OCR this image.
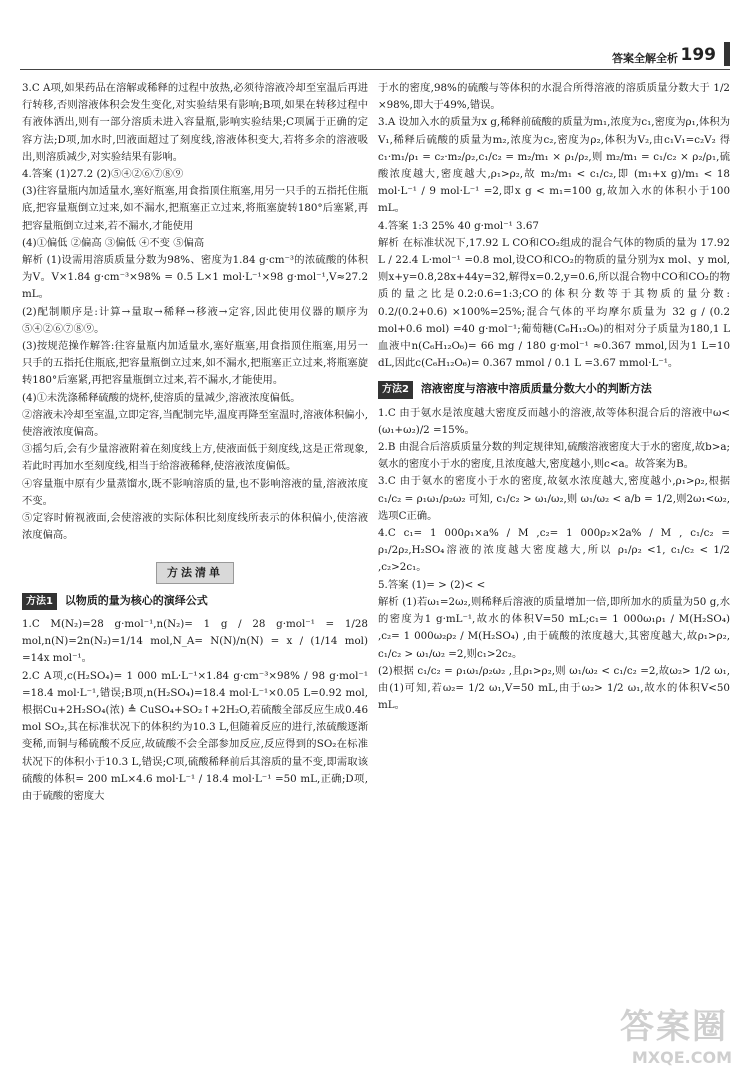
答案全解全析 199

3.C A项,如果药品在溶解或稀释的过程中放热,必须待溶液冷却至室温后再进行转移,否则溶液体积会发生变化,对实验结果有影响;B项,如果在转移过程中有液体洒出,则有一部分溶质未进入容量瓶,影响实验结果;C项属于正确的定容方法;D项,加水时,凹液面超过了刻度线,溶液体积变大,若将多余的溶液吸出,则溶质减少,对实验结果有影响。

4.答案 (1)27.2 (2)⑤④②⑥⑦⑧⑨

(3)往容量瓶内加适量水,塞好瓶塞,用食指顶住瓶塞,用另一只手的五指托住瓶底,把容量瓶倒立过来,如不漏水,把瓶塞正立过来,将瓶塞旋转180°后塞紧,再把容量瓶倒立过来,若不漏水,才能使用

(4)①偏低 ②偏高 ③偏低 ④不变 ⑤偏高

解析 (1)设需用溶质质量分数为98%、密度为1.84 g·cm⁻³的浓硫酸的体积为V。V×1.84 g·cm⁻³×98% = 0.5 L×1 mol·L⁻¹×98 g·mol⁻¹,V≈27.2 mL。

(2)配制顺序是:计算→量取→稀释→移液→定容,因此使用仪器的顺序为⑤④②⑥⑦⑧⑨。

(3)按规范操作解答:往容量瓶内加适量水,塞好瓶塞,用食指顶住瓶塞,用另一只手的五指托住瓶底,把容量瓶倒立过来,如不漏水,把瓶塞正立过来,将瓶塞旋转180°后塞紧,再把容量瓶倒立过来,若不漏水,才能使用。

(4)①未洗涤稀释硫酸的烧杯,使溶质的量减少,溶液浓度偏低。

②溶液未冷却至室温,立即定容,当配制完毕,温度再降至室温时,溶液体积偏小,使溶液浓度偏高。

③摇匀后,会有少量溶液附着在刻度线上方,使液面低于刻度线,这是正常现象,若此时再加水至刻度线,相当于给溶液稀释,使溶液浓度偏低。

④容量瓶中原有少量蒸馏水,既不影响溶质的量,也不影响溶液的量,溶液浓度不变。

⑤定容时俯视液面,会使溶液的实际体积比刻度线所表示的体积偏小,使溶液浓度偏高。

方法清单
方法1 以物质的量为核心的演绎公式

1.C M(N₂)=28 g·mol⁻¹,n(N₂)= 1 g / 28 g·mol⁻¹ = 1/28 mol,n(N)=2n(N₂)=1/14 mol,N_A= N(N)/n(N) = x / (1/14 mol) =14x mol⁻¹。

2.C A项,c(H₂SO₄)= 1 000 mL·L⁻¹×1.84 g·cm⁻³×98% / 98 g·mol⁻¹ =18.4 mol·L⁻¹,错误;B项,n(H₂SO₄)=18.4 mol·L⁻¹×0.05 L=0.92 mol,根据Cu+2H₂SO₄(浓) ≜ CuSO₄+SO₂↑+2H₂O,若硫酸全部反应生成0.46 mol SO₂,其在标准状况下的体积约为10.3 L,但随着反应的进行,浓硫酸逐渐变稀,而铜与稀硫酸不反应,故硫酸不会全部参加反应,反应得到的SO₂在标准状况下的体积小于10.3 L,错误;C项,硫酸稀释前后其溶质的量不变,即需取该硫酸的体积= 200 mL×4.6 mol·L⁻¹ / 18.4 mol·L⁻¹ =50 mL,正确;D项,由于硫酸的密度大

于水的密度,98%的硫酸与等体积的水混合所得溶液的溶质质量分数大于 1/2 ×98%,即大于49%,错误。

3.A 设加入水的质量为x g,稀释前硫酸的质量为m₁,浓度为c₁,密度为ρ₁,体积为V₁,稀释后硫酸的质量为m₂,浓度为c₂,密度为ρ₂,体积为V₂,由c₁V₁=c₂V₂ 得 c₁·m₁/ρ₁ = c₂·m₂/ρ₂,c₁/c₂ = m₂/m₁ × ρ₁/ρ₂,则 m₂/m₁ = c₁/c₂ × ρ₂/ρ₁,硫酸浓度越大,密度越大,ρ₁>ρ₂,故 m₂/m₁ < c₁/c₂,即 (m₁+x g)/m₁ < 18 mol·L⁻¹ / 9 mol·L⁻¹ =2,即x g < m₁=100 g,故加入水的体积小于100 mL。

4.答案 1:3 25% 40 g·mol⁻¹ 3.67

解析 在标准状况下,17.92 L CO和CO₂组成的混合气体的物质的量为 17.92 L / 22.4 L·mol⁻¹ =0.8 mol,设CO和CO₂的物质的量分别为x mol、y mol,则x+y=0.8,28x+44y=32,解得x=0.2,y=0.6,所以混合物中CO和CO₂的物质的量之比是0.2:0.6=1:3;CO的体积分数等于其物质的量分数: 0.2/(0.2+0.6) ×100%=25%;混合气体的平均摩尔质量为 32 g / (0.2 mol+0.6 mol) =40 g·mol⁻¹;葡萄糖(C₆H₁₂O₆)的相对分子质量为180,1 L血液中n(C₆H₁₂O₆)= 66 mg / 180 g·mol⁻¹ ≈0.367 mmol,因为1 L=10 dL,因此c(C₆H₁₂O₆)= 0.367 mmol / 0.1 L =3.67 mmol·L⁻¹。

方法2 溶液密度与溶液中溶质质量分数大小的判断方法

1.C 由于氨水是浓度越大密度反而越小的溶液,故等体积混合后的溶液中ω< (ω₁+ω₂)/2 =15%。

2.B 由混合后溶质质量分数的判定规律知,硫酸溶液密度大于水的密度,故b>a;氨水的密度小于水的密度,且浓度越大,密度越小,则c<a。故答案为B。

3.C 由于氨水的密度小于水的密度,故氨水浓度越大,密度越小,ρ₁>ρ₂,根据 c₁/c₂ = ρ₁ω₁/ρ₂ω₂ 可知, c₁/c₂ > ω₁/ω₂,则 ω₁/ω₂ < a/b = 1/2,则2ω₁<ω₂,选项C正确。

4.C c₁= 1 000ρ₁×a% / M ,c₂= 1 000ρ₂×2a% / M , c₁/c₂ = ρ₁/2ρ₂,H₂SO₄溶液的浓度越大密度越大,所以 ρ₁/ρ₂ <1, c₁/c₂ < 1/2 ,c₂>2c₁。

5.答案 (1)= > (2)< <

解析 (1)若ω₁=2ω₂,则稀释后溶液的质量增加一倍,即所加水的质量为50 g,水的密度为1 g·mL⁻¹,故水的体积V=50 mL;c₁= 1 000ω₁ρ₁ / M(H₂SO₄) ,c₂= 1 000ω₂ρ₂ / M(H₂SO₄) ,由于硫酸的浓度越大,其密度越大,故ρ₁>ρ₂, c₁/c₂ > ω₁/ω₂ =2,则c₁>2c₂。

(2)根据 c₁/c₂ = ρ₁ω₁/ρ₂ω₂ ,且ρ₁>ρ₂,则 ω₁/ω₂ < c₁/c₂ =2,故ω₂> 1/2 ω₁,由(1)可知,若ω₂= 1/2 ω₁,V=50 mL,由于ω₂> 1/2 ω₁,故水的体积V<50 mL。

答案圈
MXQE.COM
